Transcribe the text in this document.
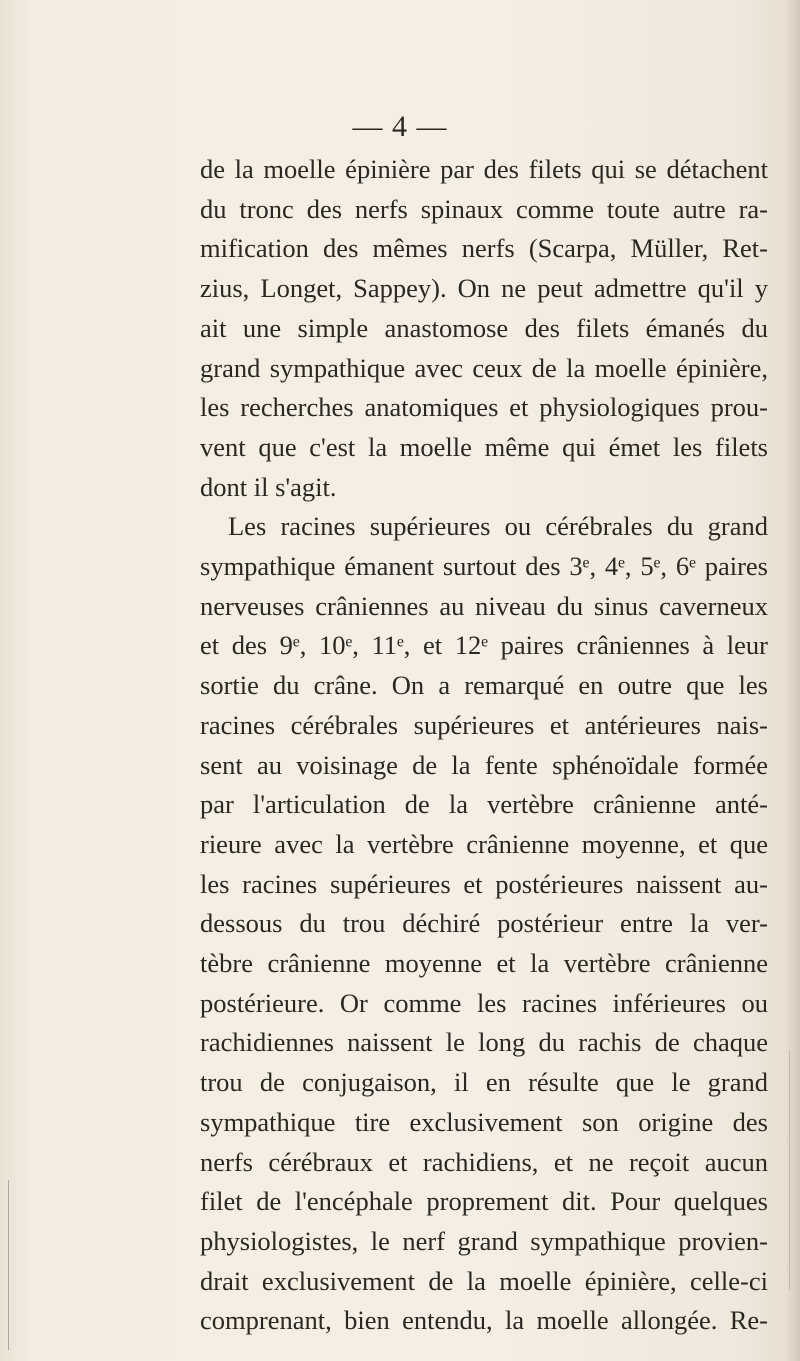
— 4 —
de la moelle épinière par des filets qui se détachent
du tronc des nerfs spinaux comme toute autre ra-
mification des mêmes nerfs (Scarpa, Müller, Ret-
zius, Longet, Sappey). On ne peut admettre qu'il y
ait une simple anastomose des filets émanés du
grand sympathique avec ceux de la moelle épinière,
les recherches anatomiques et physiologiques prou-
vent que c'est la moelle même qui émet les filets
dont il s'agit.
Les racines supérieures ou cérébrales du grand
sympathique émanent surtout des 3ᵉ, 4ᵉ, 5ᵉ, 6ᵉ paires
nerveuses crâniennes au niveau du sinus caverneux
et des 9ᵉ, 10ᵉ, 11ᵉ, et 12ᵉ paires crâniennes à leur
sortie du crâne. On a remarqué en outre que les
racines cérébrales supérieures et antérieures nais-
sent au voisinage de la fente sphénoïdale formée
par l'articulation de la vertèbre crânienne anté-
rieure avec la vertèbre crânienne moyenne, et que
les racines supérieures et postérieures naissent au-
dessous du trou déchiré postérieur entre la ver-
tèbre crânienne moyenne et la vertèbre crânienne
postérieure. Or comme les racines inférieures ou
rachidiennes naissent le long du rachis de chaque
trou de conjugaison, il en résulte que le grand
sympathique tire exclusivement son origine des
nerfs cérébraux et rachidiens, et ne reçoit aucun
filet de l'encéphale proprement dit. Pour quelques
physiologistes, le nerf grand sympathique provien-
drait exclusivement de la moelle épinière, celle-ci
comprenant, bien entendu, la moelle allongée. Re-
